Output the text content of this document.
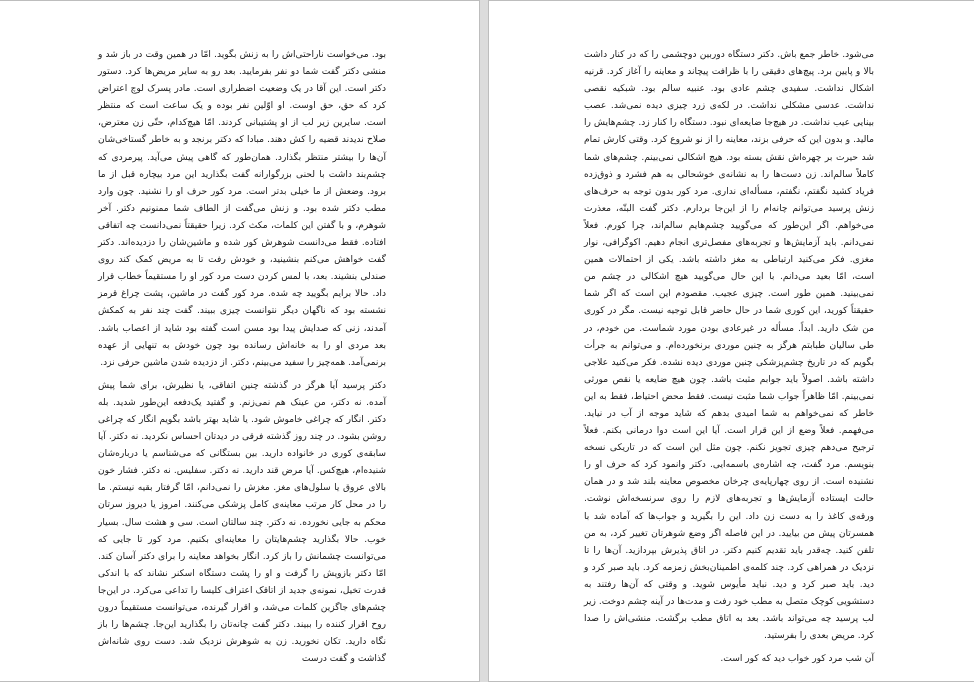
بود. می‌خواست ناراحتی‌اش را به زنش بگوید. امّا در همین وقت در باز شد و منشی دکتر گفت شما دو نفر بفرمایید. بعد رو به سایر مریض‌ها کرد. دستور دکتر است. این آقا در یک وضعیت اضطراری است. مادر پسرک لوچ اعتراض کرد که حق، حق اوست. او اوّلین نفر بوده و یک ساعت است که منتظر است. سایرین زیر لب از او پشتیبانی کردند. امّا هیچ‌کدام، حتّی زن معترض، صلاح ندیدند قضیه را کش دهند. مبادا که دکتر برنجد و به خاطر گستاخی‌شان آن‌ها را بیشتر منتظر بگذارد. همان‌طور که گاهی پیش می‌آید. پیرمردی که چشم‌بند داشت با لحنی بزرگوارانه گفت بگذارید این مرد بیچاره قبل از ما برود. وضعش از ما خیلی بدتر است. مرد کور حرف او را نشنید. چون وارد مطب دکتر شده بود. و زنش می‌گفت از الطاف شما ممنونیم دکتر. آخر شوهرم، و با گفتن این کلمات، مکث کرد. زیرا حقیقتاً نمی‌دانست چه اتفاقی افتاده. فقط می‌دانست شوهرش کور شده و ماشین‌شان را دزدیده‌اند. دکتر گفت خواهش می‌کنم بنشینید، و خودش رفت تا به مریض کمک کند روی صندلی بنشیند. بعد، با لمس کردن دست مرد کور او را مستقیماً خطاب قرار داد. حالا برایم بگویید چه شده. مرد کور گفت در ماشین، پشت چراغ قرمز نشسته بود که ناگهان دیگر نتوانست چیزی ببیند. گفت چند نفر به کمکش آمدند، زنی که صدایش پیدا بود مسن است گفته بود شاید از اعصاب باشد. بعد مردی او را به خانه‌اش رسانده بود چون خودش به تنهایی از عهده برنمی‌آمد. همه‌چیز را سفید می‌بینم، دکتر. از دزدیده شدن ماشین حرفی نزد.

دکتر پرسید آیا هرگز در گذشته چنین اتفاقی، یا نظیرش، برای شما پیش آمده. نه دکتر، من عینک هم نمی‌زنم. و گفتید یک‌دفعه این‌طور شدید. بله دکتر. انگار که چراغی خاموش شود. یا شاید بهتر باشد بگویم انگار که چراغی روشن بشود. در چند روز گذشته فرقی در دیدتان احساس نکردید. نه دکتر. آیا سابقه‌ی کوری در خانواده دارید. بین بستگانی که می‌شناسم یا درباره‌شان شنیده‌ام، هیچ‌کس. آیا مرض قند دارید. نه دکتر. سفلیس. نه دکتر. فشار خون بالای عروق یا سلول‌های مغز. مغزش را نمی‌دانم، امّا گرفتار بقیه نیستم. ما را در محل کار مرتب معاینه‌ی کامل پزشکی می‌کنند. امروز یا دیروز سرتان محکم به جایی نخورده. نه دکتر. چند سالتان است. سی و هشت سال. بسیار خوب. حالا بگذارید چشم‌هایتان را معاینه‌ای بکنیم. مرد کور تا جایی که می‌توانست چشمانش را باز کرد. انگار بخواهد معاینه را برای دکتر آسان کند. امّا دکتر بازویش را گرفت و او را پشت دستگاه اسکنر نشاند که با اندکی قدرت تخیل، نمونه‌ی جدید از اتاقک اعتراف کلیسا را تداعی می‌کرد. در این‌جا چشم‌های جاگزین کلمات می‌شد، و اقرار گیرنده، می‌توانست مستقیماً درون روح اقرار کننده را ببیند. دکتر گفت چانه‌تان را بگذارید این‌جا. چشم‌ها را باز نگاه دارید. تکان نخورید. زن به شوهرش نزدیک شد. دست روی شانه‌اش گذاشت و گفت درست

می‌شود. خاطر جمع باش. دکتر دستگاه دوربین دوچشمی را که در کنار داشت بالا و پایین برد. پیچ‌های دقیقی را با ظرافت پیچاند و معاینه را آغاز کرد. قرنیه اشکال نداشت. سفیدی چشم عادی بود. عنبیه سالم بود. شبکیه نقصی نداشت. عدسی مشکلی نداشت. در لکه‌ی زرد چیزی دیده نمی‌شد. عصب بینایی عیب نداشت. در هیچ‌جا ضایعه‌ای نبود. دستگاه را کنار زد. چشم‌هایش را مالید. و بدون این که حرفی بزند، معاینه را از نو شروع کرد. وقتی کارش تمام شد حیرت بر چهره‌اش نقش بسته بود. هیچ اشکالی نمی‌بینم. چشم‌های شما کاملاً سالم‌اند. زن دست‌ها را به نشانه‌ی خوشحالی به هم فشرد و ذوق‌زده فریاد کشید نگفتم، نگفتم، مسأله‌ای نداری. مرد کور بدون توجه به حرف‌های زنش پرسید می‌توانم چانه‌ام را از این‌جا بردارم. دکتر گفت البتّه، معذرت می‌خواهم. اگر این‌طور که می‌گویید چشم‌هایم سالم‌اند، چرا کورم. فعلاً نمی‌دانم. باید آزمایش‌ها و تجربه‌های مفصل‌تری انجام دهیم. اکوگرافی، نوار مغزی. فکر می‌کنید ارتباطی به مغز داشته باشد. یکی از احتمالات همین است، امّا بعید می‌دانم. با این حال می‌گویید هیچ اشکالی در چشم من نمی‌بینید. همین طور است. چیزی عجیب. مقصودم این است که اگر شما حقیقتاً کورید، این کوری شما در حال حاضر قابل توجیه نیست. مگر در کوری من شک دارید. ابداً. مسأله در غیرعادی بودن مورد شماست. من خودم، در طی سالیان طبابتم هرگز به چنین موردی برنخورده‌ام. و می‌توانم به جرأت بگویم که در تاریخ چشم‌پزشکی چنین موردی دیده نشده. فکر می‌کنید علاجی داشته باشد. اصولاً باید جوابم مثبت باشد. چون هیچ ضایعه یا نقص مورثی نمی‌بینم. امّا ظاهراً جواب شما مثبت نیست. فقط محض احتیاط، فقط به این خاطر که نمی‌خواهم به شما امیدی بدهم که شاید موجه از آب در نیاید. می‌فهمم. فعلاً وضع از این قرار است. آیا این است دوا درمانی بکنم. فعلاً ترجیح می‌دهم چیزی تجویز نکنم. چون مثل این است که در تاریکی نسخه بنویسم. مرد گفت، چه اشاره‌ی باسمه‌ایی. دکتر وانمود کرد که حرف او را نشنیده است. از روی چهارپایه‌ی چرخان مخصوص معاینه بلند شد و در همان حالت ایستاده آزمایش‌ها و تجربه‌های لازم را روی سرنسخه‌اش نوشت. ورقه‌ی کاغذ را به دست زن داد. این را بگیرید و جواب‌ها که آماده شد با همسرتان پیش من بیایید. در این فاصله اگر وضع شوهرتان تغییر کرد، به من تلفن کنید. چه‌قدر باید تقدیم کنیم دکتر. در اتاق پذیرش بپردازید. آن‌ها را تا نزدیک در همراهی کرد. چند کلمه‌ی اطمینان‌بخش زمزمه کرد. باید صبر کرد و دید. باید صبر کرد و دید. نباید مأیوس شوید. و وقتی که آن‌ها رفتند به دستشویی کوچک متصل به مطب خود رفت و مدت‌ها در آینه چشم دوخت. زیر لب پرسید چه می‌تواند باشد. بعد به اتاق مطب برگشت. منشی‌اش را صدا کرد. مریض بعدی را بفرستید.

آن شب مرد کور خواب دید که کور است.
